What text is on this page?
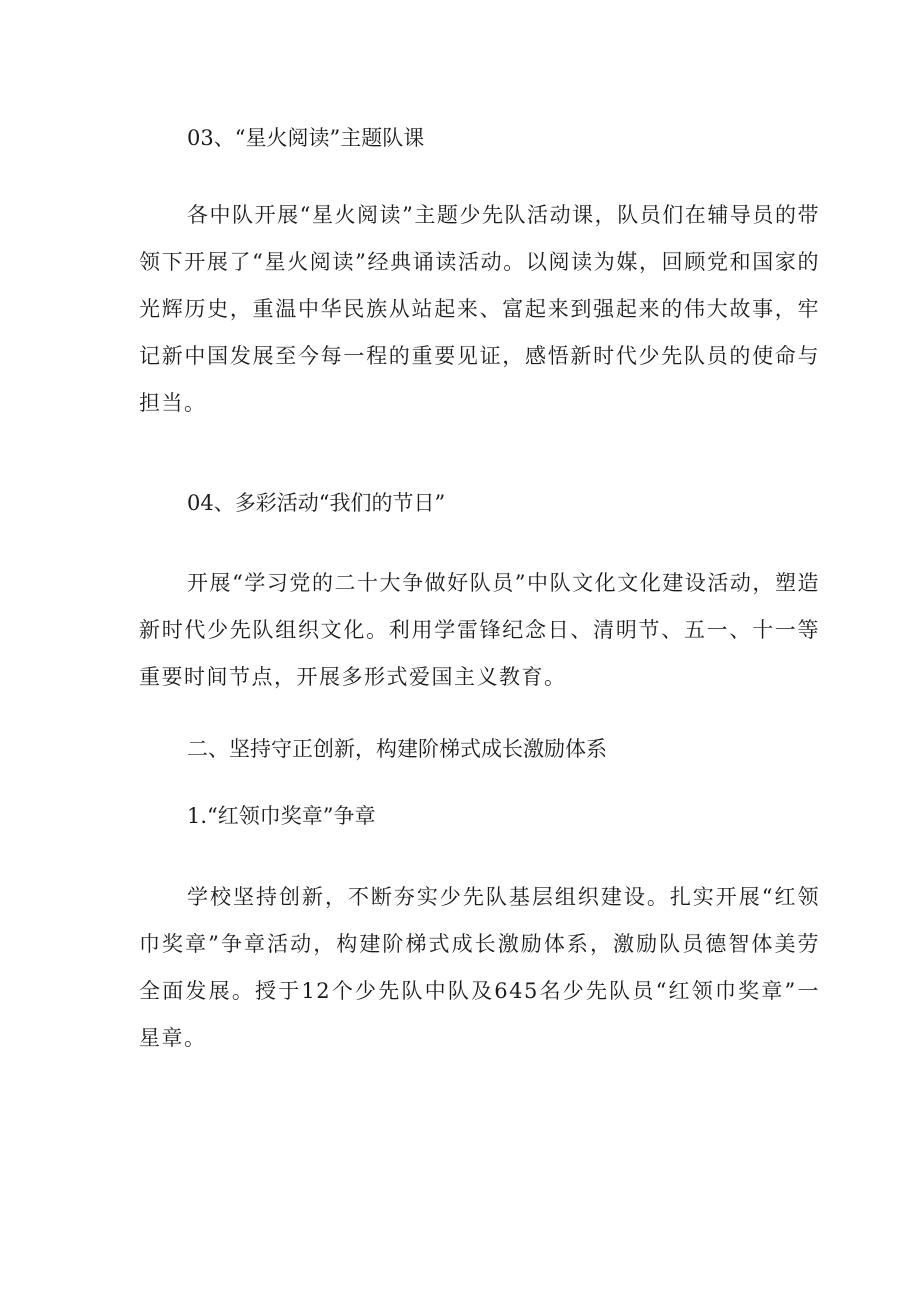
03、“星火阅读”主题队课
各中队开展“星火阅读”主题少先队活动课，队员们在辅导员的带领下开展了“星火阅读”经典诵读活动。以阅读为媒，回顾党和国家的光辉历史，重温中华民族从站起来、富起来到强起来的伟大故事，牢记新中国发展至今每一程的重要见证，感悟新时代少先队员的使命与担当。
04、多彩活动“我们的节日”
开展“学习党的二十大争做好队员”中队文化文化建设活动，塑造新时代少先队组织文化。利用学雷锋纪念日、清明节、五一、十一等重要时间节点，开展多形式爱国主义教育。
二、坚持守正创新，构建阶梯式成长激励体系
1.“红领巾奖章”争章
学校坚持创新，不断夯实少先队基层组织建设。扎实开展“红领巾奖章”争章活动，构建阶梯式成长激励体系，激励队员德智体美劳全面发展。授于12个少先队中队及645名少先队员“红领巾奖章”一星章。
